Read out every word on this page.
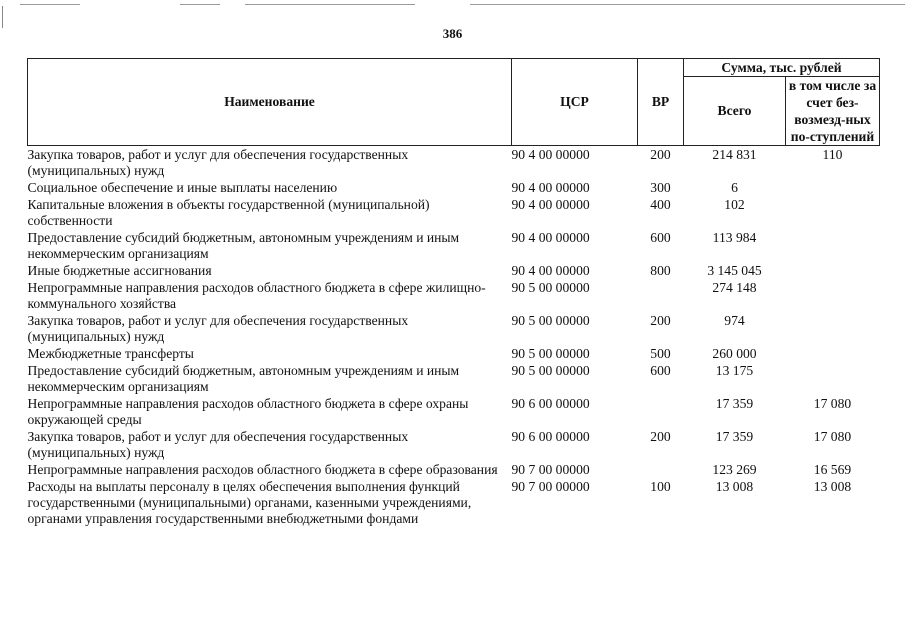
386
Наименование	ЦСР	ВР	Сумма, тыс. рублей	
			Всего	в том числе за счет без-возмезд-ных по-ступлений
Закупка товаров, работ и услуг для обеспечения государственных (муниципальных) нужд	90 4 00 00000	200	214 831	110
Социальное обеспечение и иные выплаты населению	90 4 00 00000	300	6	
Капитальные вложения в объекты государственной (муниципальной) собственности	90 4 00 00000	400	102	
Предоставление субсидий бюджетным, автономным учреждениям и иным некоммерческим организациям	90 4 00 00000	600	113 984	
Иные бюджетные ассигнования	90 4 00 00000	800	3 145 045	
Непрограммные направления расходов областного бюджета в сфере жилищно-коммунального хозяйства	90 5 00 00000		274 148	
Закупка товаров, работ и услуг для обеспечения государственных (муниципальных) нужд	90 5 00 00000	200	974	
Межбюджетные трансферты	90 5 00 00000	500	260 000	
Предоставление субсидий бюджетным, автономным учреждениям и иным некоммерческим организациям	90 5 00 00000	600	13 175	
Непрограммные направления расходов областного бюджета в сфере охраны окружающей среды	90 6 00 00000		17 359	17 080
Закупка товаров, работ и услуг для обеспечения государственных (муниципальных) нужд	90 6 00 00000	200	17 359	17 080
Непрограммные направления расходов областного бюджета в сфере образования	90 7 00 00000		123 269	16 569
Расходы на выплаты персоналу в целях обеспечения выполнения функций государственными (муниципальными) органами, казенными учреждениями, органами управления государственными внебюджетными фондами	90 7 00 00000	100	13 008	13 008
